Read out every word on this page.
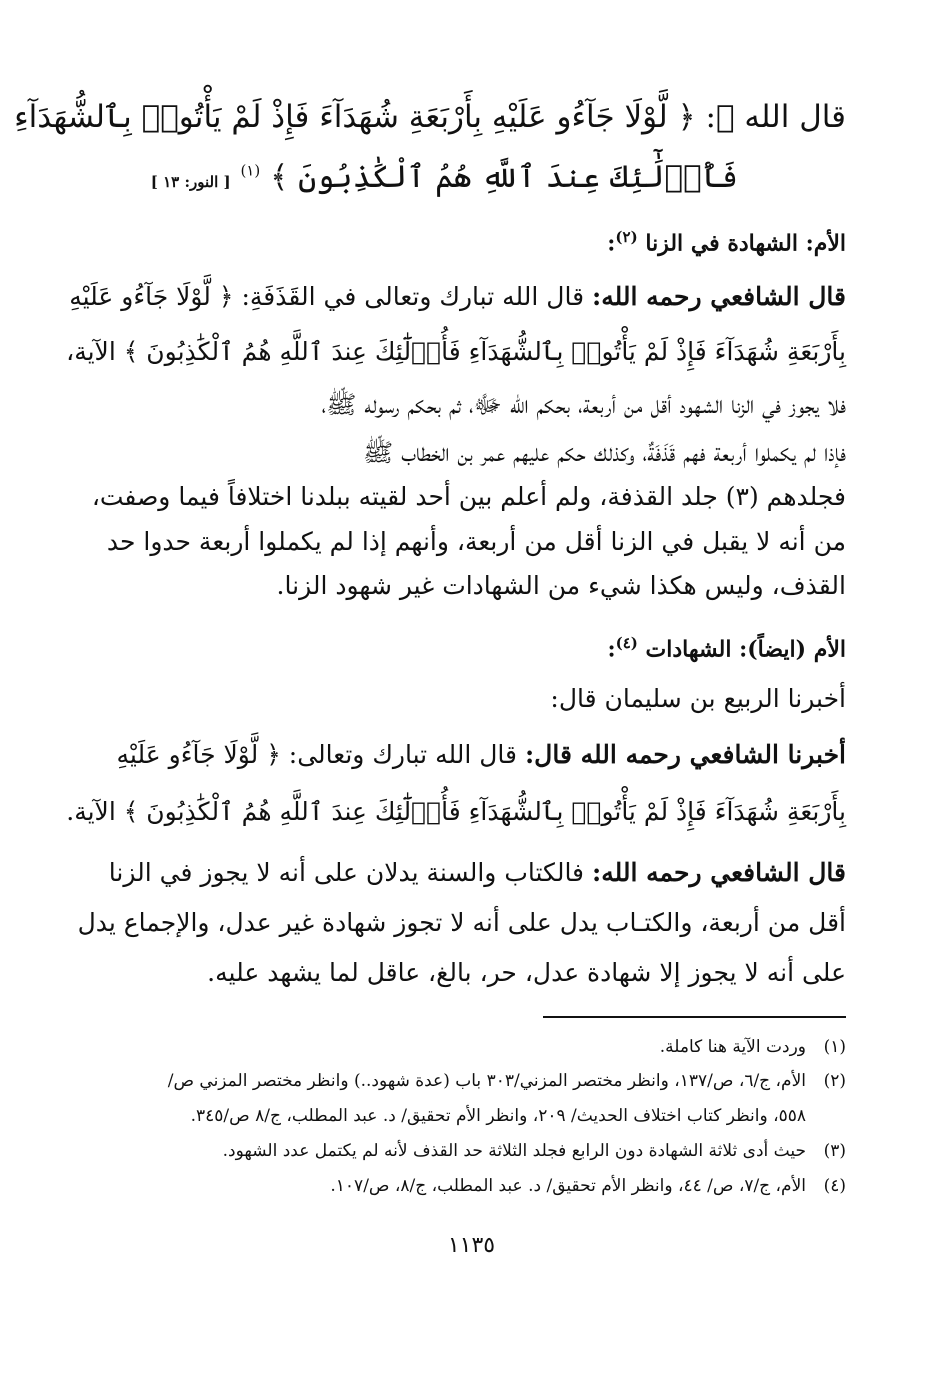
قال الله ﷻ: ﴿ لَّوْلَا جَآءُو عَلَيْهِ بِأَرْبَعَةِ شُهَدَآءَ فَإِذْ لَمْ يَأْتُوا۟ بِٱلشُّهَدَآءِ
فَأُو۟لَٰٓئِكَ عِندَ ٱللَّهِ هُمُ ٱلْكَٰذِبُونَ ﴾ $^{(١)}$ [ النور: ١٣ ]
الأم: الشهادة في الزنا $^{(٢)}$:
قال الشافعي رحمه الله: قال الله تبارك وتعالى في القَذَفَةِ: ﴿ لَّوْلَا جَآءُو عَلَيْهِ
بِأَرْبَعَةِ شُهَدَآءَ فَإِذْ لَمْ يَأْتُوا۟ بِٱلشُّهَدَآءِ فَأُو۟لَٰٓئِكَ عِندَ ٱللَّهِ هُمُ ٱلْكَٰذِبُونَ ﴾ الآية،
فلا يجوز في الزنا الشهود أقل من أربعة، بحكم الله ﷻ، ثم بحكم رسوله ﷺ،
فإذا لم يكملوا أربعة فهم قَذَفَةٌ، وكذلك حكم عليهم عمر بن الخطاب ﷺ
فجلدهم (٣) جلد القذفة، ولم أعلم بين أحد لقيته ببلدنا اختلافاً فيما وصفت،
من أنه لا يقبل في الزنا أقل من أربعة، وأنهم إذا لم يكملوا أربعة حدوا حد
القذف، وليس هكذا شيء من الشهادات غير شهود الزنا.
الأم (ايضاً): الشهادات $^{(٤)}$:
أخبرنا الربيع بن سليمان قال:
أخبرنا الشافعي رحمه الله قال: قال الله تبارك وتعالى: ﴿ لَّوْلَا جَآءُو عَلَيْهِ
بِأَرْبَعَةِ شُهَدَآءَ فَإِذْ لَمْ يَأْتُوا۟ بِٱلشُّهَدَآءِ فَأُو۟لَٰٓئِكَ عِندَ ٱللَّهِ هُمُ ٱلْكَٰذِبُونَ ﴾ الآية.
قال الشافعي رحمه الله: فالكتاب والسنة يدلان على أنه لا يجوز في الزنا
أقل من أربعة، والكتـاب يدل على أنه لا تجوز شهادة غير عدل، والإجماع يدل
على أنه لا يجوز إلا شهادة عدل، حر، بالغ، عاقل لما يشهد عليه.
(١)وردت الآية هنا كاملة.
(٢)الأم، ج/٦، ص/١٣٧، وانظر مختصر المزني/٣٠٣ باب (عدة شهود..) وانظر مختصر المزني ص/
٥٥٨، وانظر كتاب اختلاف الحديث/ ٢٠٩، وانظر الأم تحقيق/ د. عبد المطلب، ج/٨ ص/٣٤٥.
(٣)حيث أدى ثلاثة الشهادة دون الرابع فجلد الثلاثة حد القذف لأنه لم يكتمل عدد الشهود.
(٤)الأم، ج/٧، ص/ ٤٤، وانظر الأم تحقيق/ د. عبد المطلب، ج/٨، ص/١٠٧.
١١٣٥
